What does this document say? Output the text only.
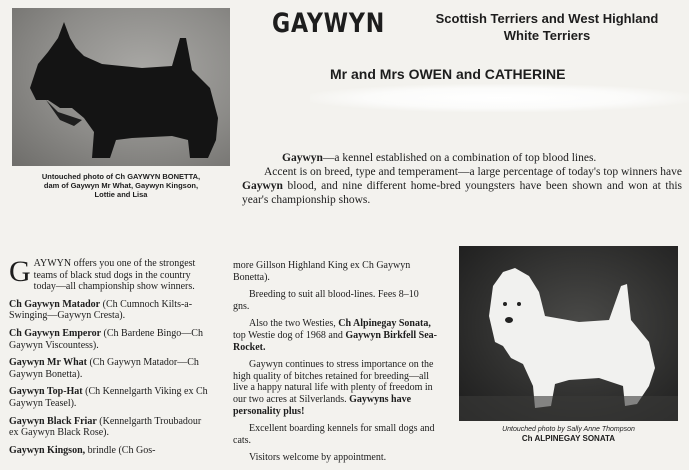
Untouched photo of Ch GAYWYN BONETTA,
dam of Gaywyn Mr What, Gaywyn Kingson,
Lottie and Lisa
GAYWYN	Scottish Terriers and West Highland
White Terriers
Mr and Mrs OWEN and CATHERINE

Gaywyn—a kennel established on a combination of top blood lines.

Accent is on breed, type and temperament—a large percentage of today's top winners have Gaywyn blood, and nine different home-bred youngsters have been shown and won at this year's championship shows.

GAYWYN offers you one of the strongest teams of black stud dogs in the country today—all championship show winners.

Ch Gaywyn Matador (Ch Cumnoch Kilts-a-Swinging—Gaywyn Cresta).

Ch Gaywyn Emperor (Ch Bardene Bingo—Ch Gaywyn Viscountess).

Gaywyn Mr What (Ch Gaywyn Matador—Ch Gaywyn Bonetta).

Gaywyn Top-Hat (Ch Kennelgarth Viking ex Ch Gaywyn Teasel).

Gaywyn Black Friar (Kennelgarth Troubadour ex Gaywyn Black Rose).

Gaywyn Kingson, brindle (Ch Gos-

more Gillson Highland King ex Ch Gaywyn Bonetta).

Breeding to suit all blood-lines. Fees 8–10 gns.

Also the two Westies, Ch Alpinegay Sonata, top Westie dog of 1968 and Gaywyn Birkfell Sea-Rocket.

Gaywyn continues to stress importance on the high quality of bitches retained for breeding—all live a happy natural life with plenty of freedom in our two acres at Silverlands. Gaywyns have personality plus!

Excellent boarding kennels for small dogs and cats.

Visitors welcome by appointment.

Untouched photo by Sally Anne Thompson
Ch ALPINEGAY SONATA
